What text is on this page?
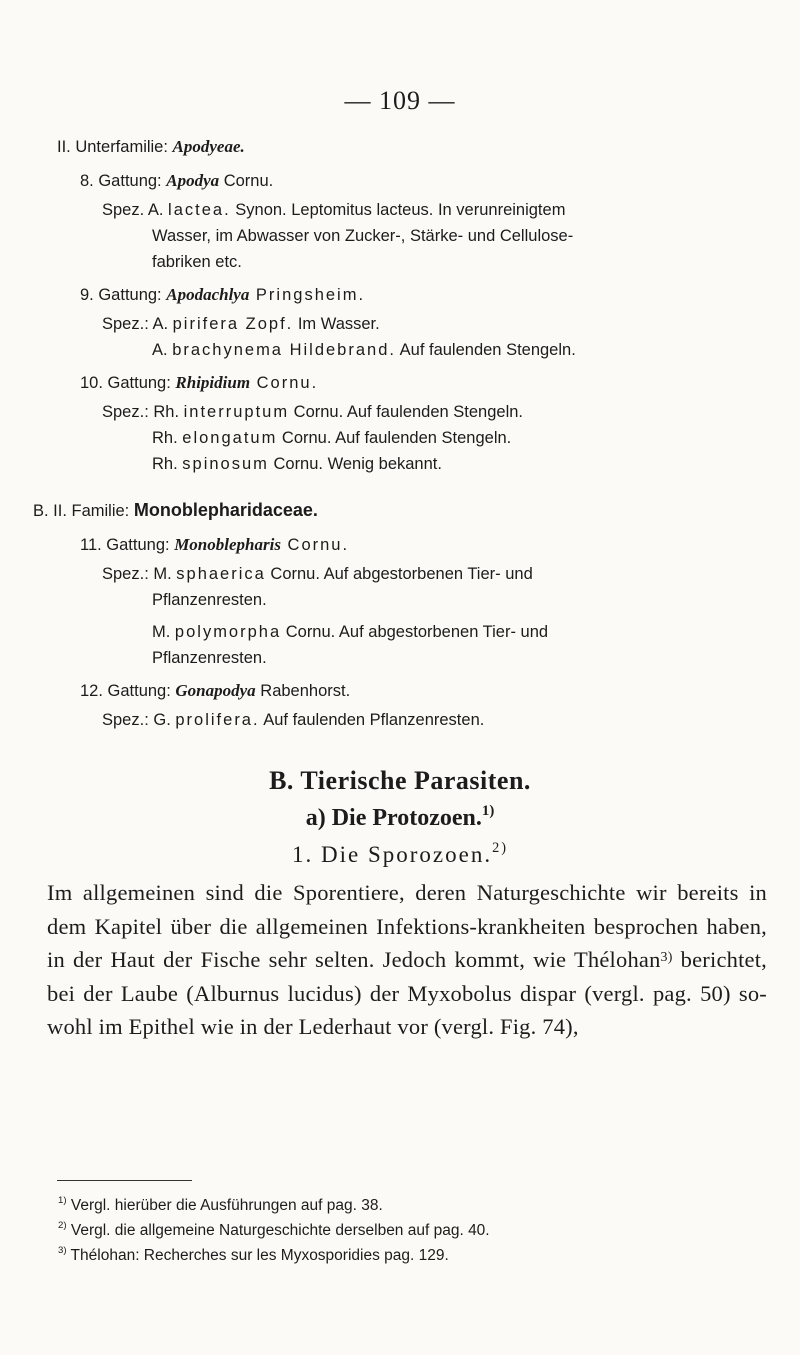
— 109 —
II. Unterfamilie: Apodyeae.
8. Gattung: Apodya Cornu.
Spez. A. lactea. Synon. Leptomitus lacteus. In verunreinigtem
Wasser, im Abwasser von Zucker-, Stärke- und Cellulose-
fabriken etc.
9. Gattung: Apodachlya Pringsheim.
Spez.: A. pirifera Zopf. Im Wasser.
A. brachynema Hildebrand. Auf faulenden Stengeln.
10. Gattung: Rhipidium Cornu.
Spez.: Rh. interruptum Cornu. Auf faulenden Stengeln.
Rh. elongatum Cornu. Auf faulenden Stengeln.
Rh. spinosum Cornu. Wenig bekannt.
B. II. Familie: Monoblepharidaceae.
11. Gattung: Monoblepharis Cornu.
Spez.: M. sphaerica Cornu. Auf abgestorbenen Tier- und
Pflanzenresten.
M. polymorpha Cornu. Auf abgestorbenen Tier- und
Pflanzenresten.
12. Gattung: Gonapodya Rabenhorst.
Spez.: G. prolifera. Auf faulenden Pflanzenresten.
B. Tierische Parasiten.
a) Die Protozoen.$^{1)}$
1. Die Sporozoen.$^{2)}$
Im allgemeinen sind die Sporentiere, deren Naturgeschichte wir bereits in dem Kapitel über die allgemeinen Infektions-krankheiten besprochen haben, in der Haut der Fische sehr selten. Jedoch kommt, wie Thélohan$^{3)}$ berichtet, bei der Laube (Alburnus lucidus) der Myxobolus dispar (vergl. pag. 50) so-wohl im Epithel wie in der Lederhaut vor (vergl. Fig. 74),
$^{1)}$ Vergl. hierüber die Ausführungen auf pag. 38.
$^{2)}$ Vergl. die allgemeine Naturgeschichte derselben auf pag. 40.
$^{3)}$ Thélohan: Recherches sur les Myxosporidies pag. 129.
